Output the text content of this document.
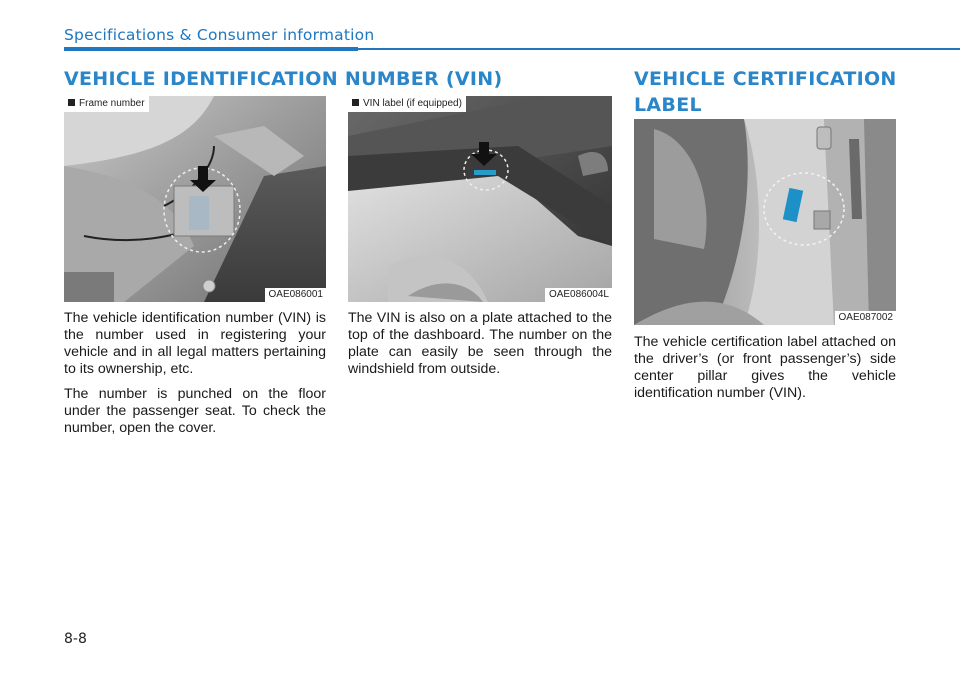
Specifications & Consumer information
VEHICLE IDENTIFICATION NUMBER (VIN)	VEHICLE CERTIFICATION
LABEL
Frame number
OAE086001
VIN label (if equipped)
OAE086004L
OAE087002

The vehicle identification number (VIN) is the number used in registering your vehicle and in all legal matters pertaining to its ownership, etc.

The number is punched on the floor under the passenger seat. To check the number, open the cover.

The VIN is also on a plate attached to the top of the dashboard. The number on the plate can easily be seen through the windshield from outside.

The vehicle certification label attached on the driver’s (or front passenger’s) side center pillar gives the vehicle identification number (VIN).

8-8
